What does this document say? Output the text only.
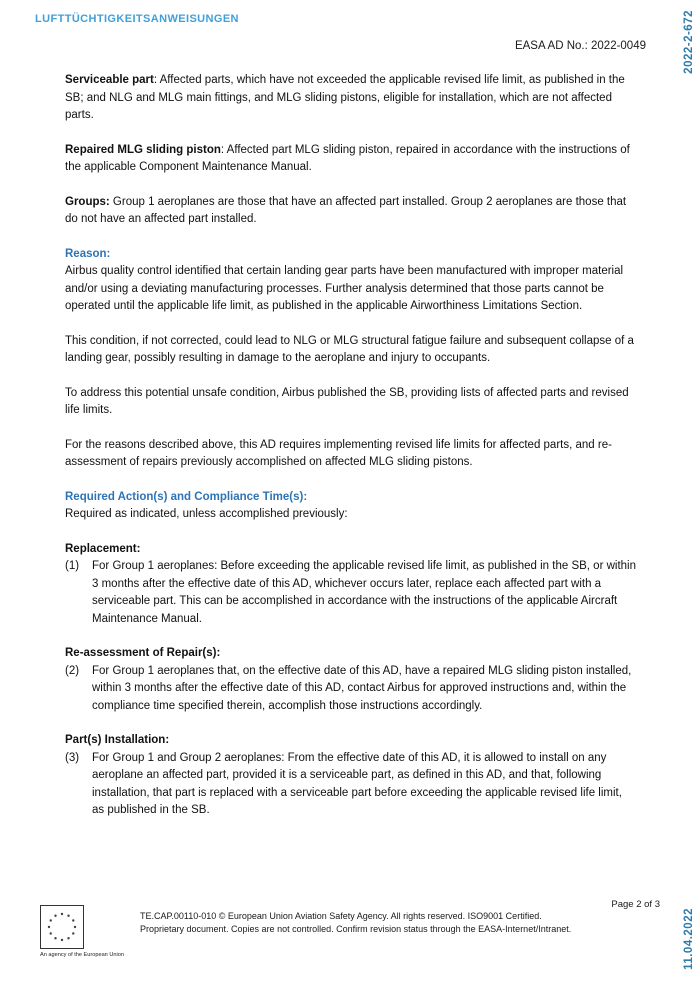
LUFTTÜCHTIGKEITSANWEISUNGEN
EASA AD No.: 2022-0049	2022-2-672
11.04.2022

Serviceable part: Affected parts, which have not exceeded the applicable revised life limit, as published in the SB; and NLG and MLG main fittings, and MLG sliding pistons, eligible for installation, which are not affected parts.

Repaired MLG sliding piston: Affected part MLG sliding piston, repaired in accordance with the instructions of the applicable Component Maintenance Manual.

Groups: Group 1 aeroplanes are those that have an affected part installed. Group 2 aeroplanes are those that do not have an affected part installed.

Reason:

Airbus quality control identified that certain landing gear parts have been manufactured with improper material and/or using a deviating manufacturing processes. Further analysis determined that those parts cannot be operated until the applicable life limit, as published in the applicable Airworthiness Limitations Section.

This condition, if not corrected, could lead to NLG or MLG structural fatigue failure and subsequent collapse of a landing gear, possibly resulting in damage to the aeroplane and injury to occupants.

To address this potential unsafe condition, Airbus published the SB, providing lists of affected parts and revised life limits.

For the reasons described above, this AD requires implementing revised life limits for affected parts, and re-assessment of repairs previously accomplished on affected MLG sliding pistons.

Required Action(s) and Compliance Time(s):

Required as indicated, unless accomplished previously:

Replacement:
(1)	For Group 1 aeroplanes: Before exceeding the applicable revised life limit, as published in the SB, or within 3 months after the effective date of this AD, whichever occurs later, replace each affected part with a serviceable part. This can be accomplished in accordance with the instructions of the applicable Aircraft Maintenance Manual.
Re-assessment of Repair(s):
(2)	For Group 1 aeroplanes that, on the effective date of this AD, have a repaired MLG sliding piston installed, within 3 months after the effective date of this AD, contact Airbus for approved instructions and, within the compliance time specified therein, accomplish those instructions accordingly.
Part(s) Installation:
(3)	For Group 1 and Group 2 aeroplanes: From the effective date of this AD, it is allowed to install on any aeroplane an affected part, provided it is a serviceable part, as defined in this AD, and that, following installation, that part is replaced with a serviceable part before exceeding the applicable revised life limit, as published in the SB.
An agency of the European Union
TE.CAP.00110-010 © European Union Aviation Safety Agency. All rights reserved. ISO9001 Certified.
Proprietary document. Copies are not controlled. Confirm revision status through the EASA-Internet/Intranet.
Page 2 of 3
